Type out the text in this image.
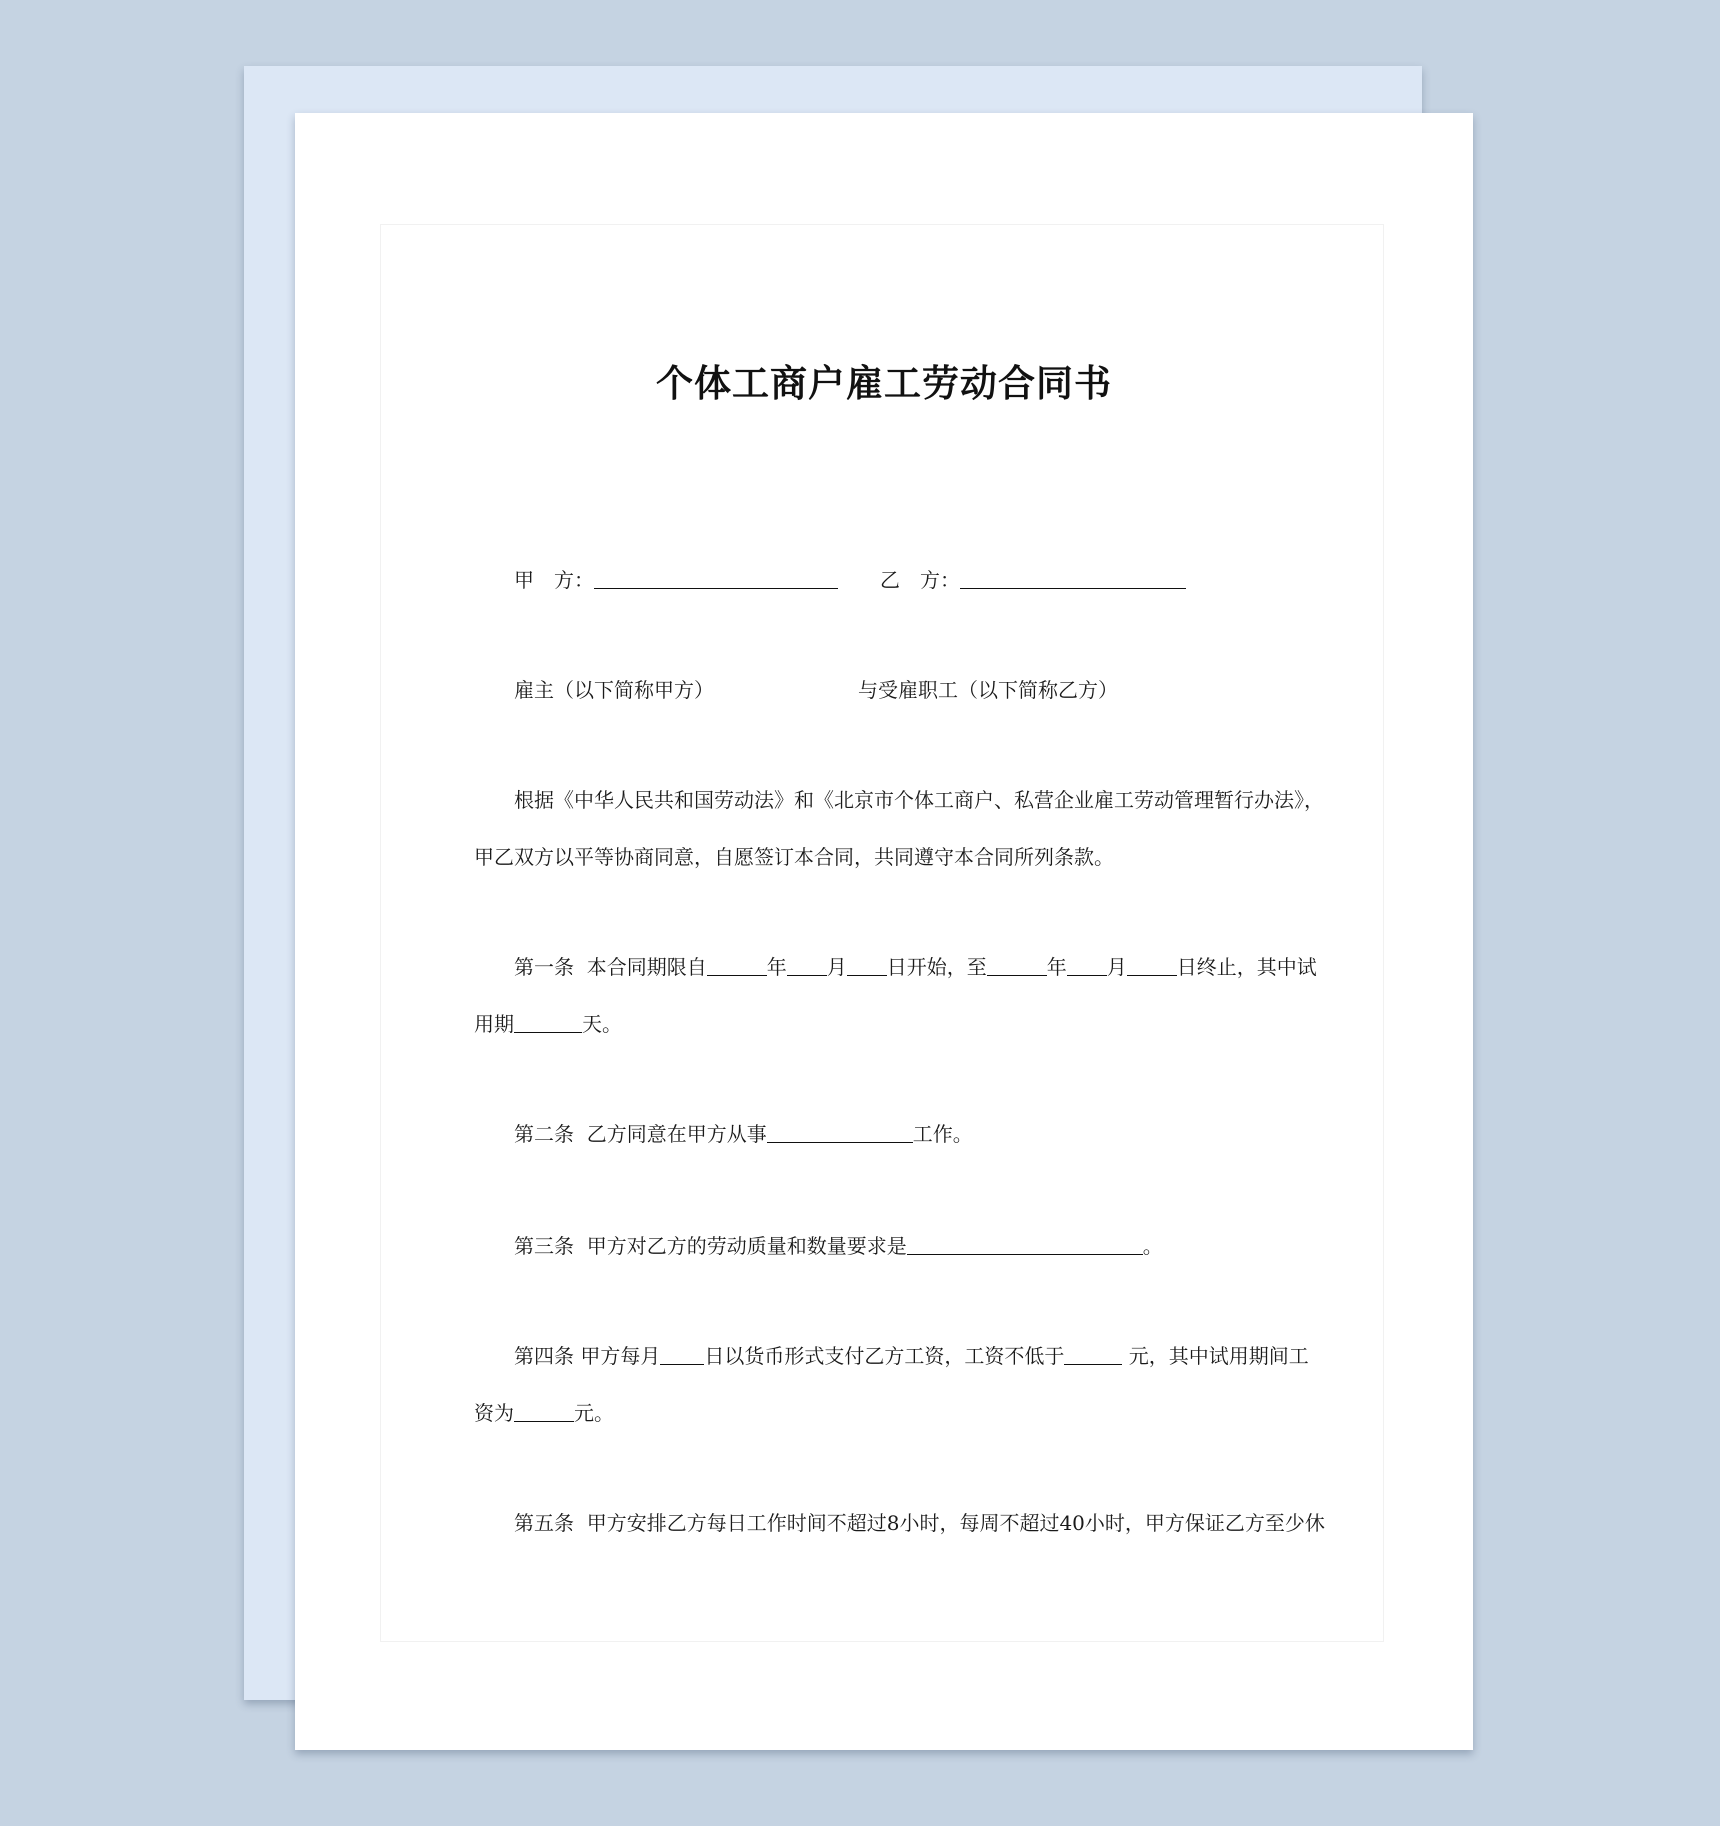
个体工商户雇工劳动合同书
甲　方：	乙　方：
雇主（以下简称甲方）	与受雇职工（以下简称乙方）
根据《中华人民共和国劳动法》和《北京市个体工商户、私营企业雇工劳动管理暂行办法》，
甲乙双方以平等协商同意，自愿签订本合同，共同遵守本合同所列条款。
第一条 本合同期限自	年 月 日开始，至	年 月	日终止，其中试
用期	天。
第二条 乙方同意在甲方从事	工作。
第三条 甲方对乙方的劳动质量和数量要求是	。
第四条 甲方每月 日以货币形式支付乙方工资，工资不低于	元，其中试用期间工
资为	元。
第五条 甲方安排乙方每日工作时间不超过8小时，每周不超过40小时，甲方保证乙方至少休
